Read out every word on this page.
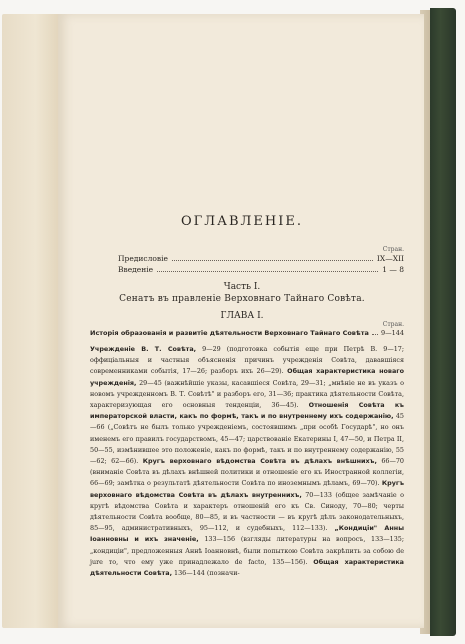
ОГЛАВЛЕНІЕ.
Стран.
Предисловіе	IX—XII
Введеніе	1 — 8
Часть I.
Сенатъ въ правленіе Верховнаго Тайнаго Совѣта.
ГЛАВА I.
Стран.
Исторія образованія и развитіе дѣятельности Верховнаго Тайнаго Совѣта 9—144
Учрежденіе В. Т. Совѣта, 9—29 (подготовка событія еще при Петрѣ В. 9—17; оффиціальныя и частныя объясненія причинъ учрежденія Совѣта, дававшіяся современниками событія, 17—26; разборъ ихъ 26—29). Общая характеристика новаго учрежденія, 29—45 (важнѣйшіе указы, касавшіеся Совѣта, 29—31; „мнѣніе не въ указъ о новомъ учрежденномъ В. Т. Совѣтѣ" и разборъ его, 31—36; практика дѣятельности Совѣта, характеризующая его основныя тенденціи, 36—45). Отношенія Совѣта къ императорской власти, какъ по формѣ, такъ и по внутреннему ихъ содержанію, 45—66 („Совѣтъ не былъ только учрежденіемъ, состоявшимъ „при особѣ Государѣ", но онъ именемъ его правилъ государствомъ, 45—47; царствованіе Екатерины I, 47—50, и Петра II, 50—55, измѣнившее это положеніе, какъ по формѣ, такъ и по внутреннему содержанію, 55—62; 62—66). Кругъ верховнаго вѣдомства Совѣта въ дѣлахъ внѣшнихъ, 66—70 (вниманіе Совѣта въ дѣлахъ внѣшней политики и отношеніе его къ Иностранной коллегіи, 66—69; замѣтка о результатѣ дѣятельности Совѣта по иноземнымъ дѣламъ, 69—70). Кругъ верховнаго вѣдомства Совѣта въ дѣлахъ внутреннихъ, 70—133 (общее замѣчаніе о кругѣ вѣдомства Совѣта и характеръ отношеній его къ Св. Синоду, 70—80; черты дѣятельности Совѣта вообще, 80—85, и въ частности — въ кругѣ дѣлъ законодательныхъ, 85—95, административныхъ, 95—112, и судебныхъ, 112—133). „Кондиціи" Анны Іоанновны и ихъ значеніе, 133—156 (взгляды литературы на вопросъ, 133—135; „кондиціи", предложенныя Аннѣ Іоанновнѣ, были попыткою Совѣта закрѣпить за собою de jure то, что ему уже принадлежало de facto, 135—156). Общая характеристика дѣятельности Совѣта, 136—144 (позначи-
